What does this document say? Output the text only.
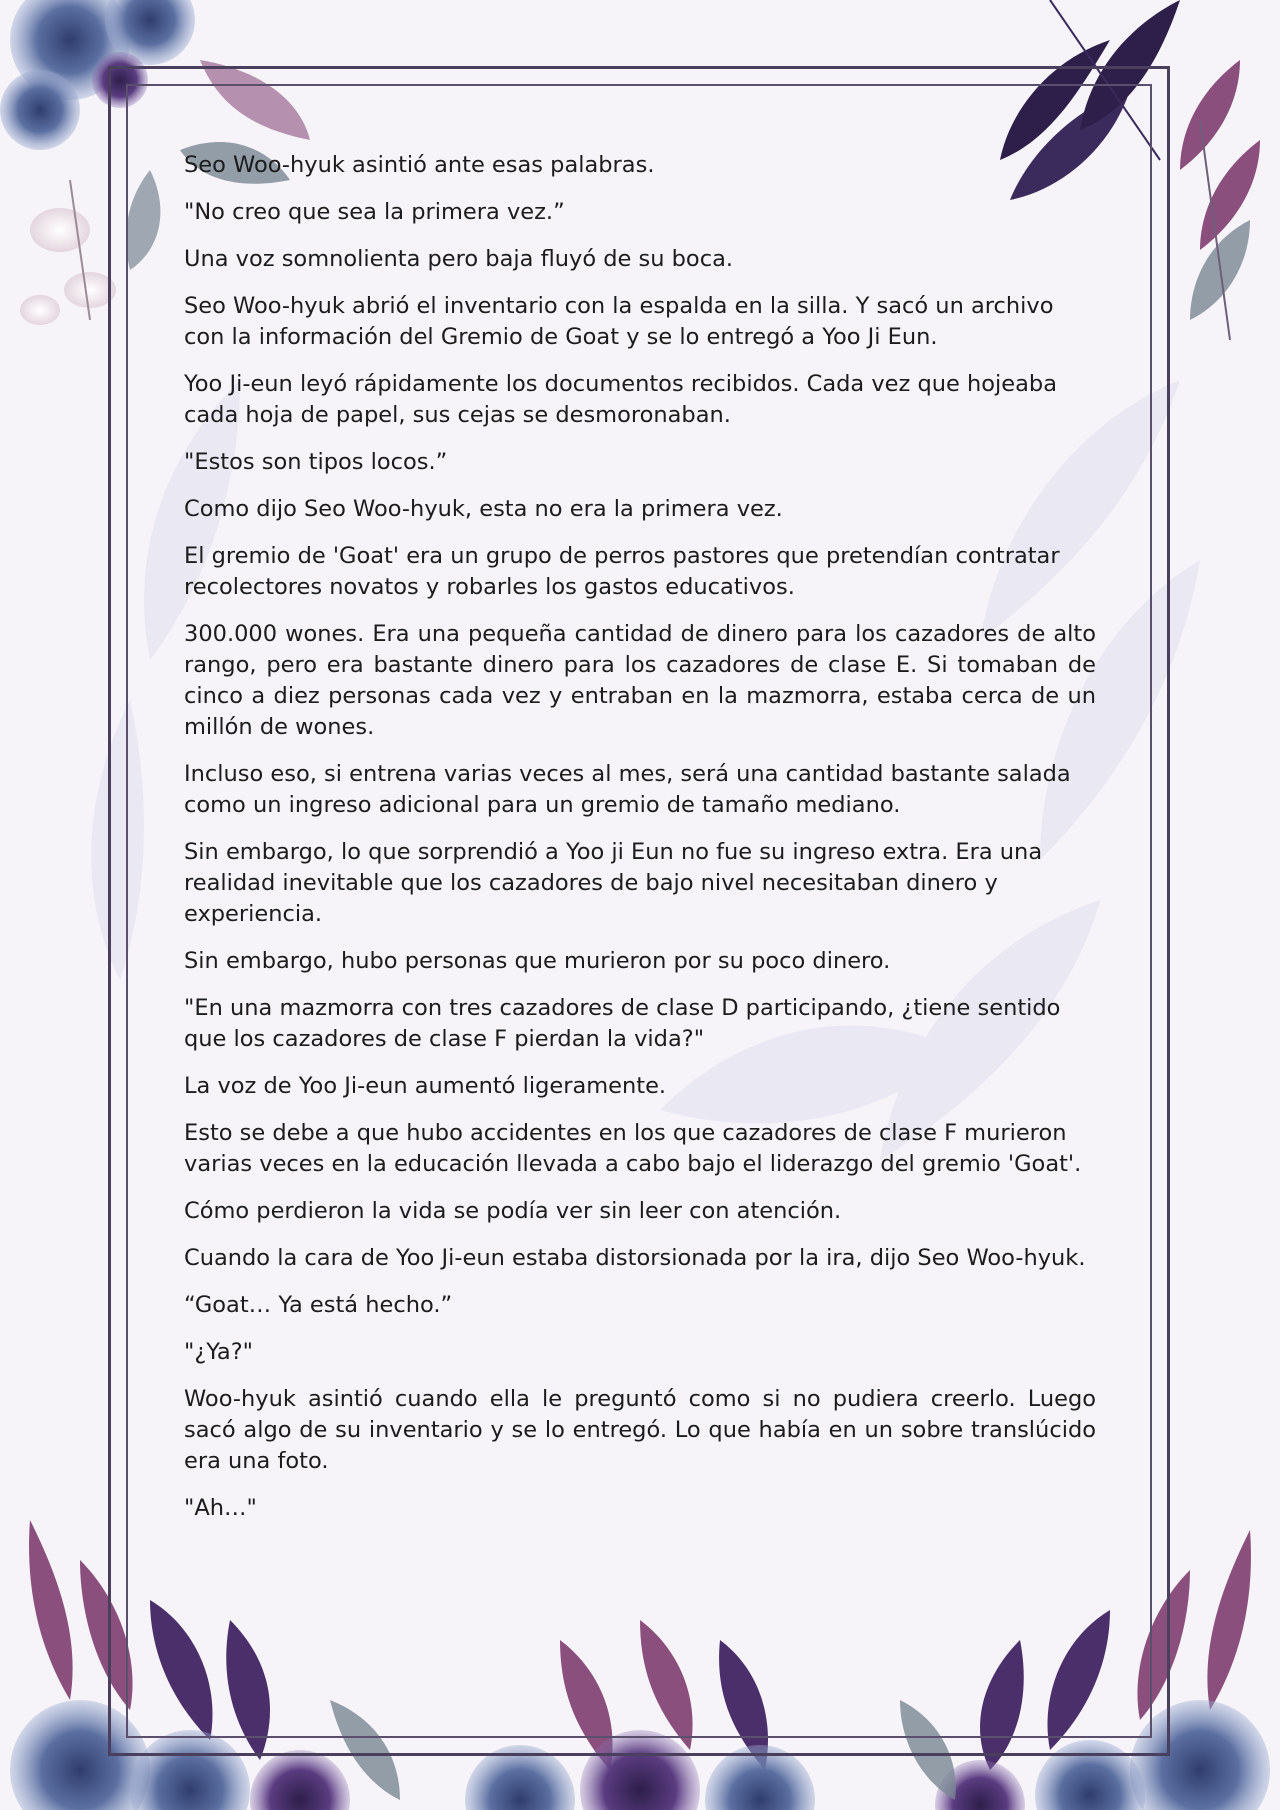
Seo Woo-hyuk asintió ante esas palabras.

"No creo que sea la primera vez.”

Una voz somnolienta pero baja fluyó de su boca.

Seo Woo-hyuk abrió el inventario con la espalda en la silla. Y sacó un archivo con la información del Gremio de Goat y se lo entregó a Yoo Ji Eun.

Yoo Ji-eun leyó rápidamente los documentos recibidos. Cada vez que hojeaba cada hoja de papel, sus cejas se desmoronaban.

"Estos son tipos locos.”

Como dijo Seo Woo-hyuk, esta no era la primera vez.

El gremio de 'Goat' era un grupo de perros pastores que pretendían contratar recolectores novatos y robarles los gastos educativos.

300.000 wones. Era una pequeña cantidad de dinero para los cazadores de alto rango, pero era bastante dinero para los cazadores de clase E. Si tomaban de cinco a diez personas cada vez y entraban en la mazmorra, estaba cerca de un millón de wones.

Incluso eso, si entrena varias veces al mes, será una cantidad bastante salada como un ingreso adicional para un gremio de tamaño mediano.

Sin embargo, lo que sorprendió a Yoo ji Eun no fue su ingreso extra. Era una realidad inevitable que los cazadores de bajo nivel necesitaban dinero y experiencia.

Sin embargo, hubo personas que murieron por su poco dinero.

"En una mazmorra con tres cazadores de clase D participando, ¿tiene sentido que los cazadores de clase F pierdan la vida?"

La voz de Yoo Ji-eun aumentó ligeramente.

Esto se debe a que hubo accidentes en los que cazadores de clase F murieron varias veces en la educación llevada a cabo bajo el liderazgo del gremio 'Goat'.

Cómo perdieron la vida se podía ver sin leer con atención.

Cuando la cara de Yoo Ji-eun estaba distorsionada por la ira, dijo Seo Woo-hyuk.

“Goat… Ya está hecho.”

"¿Ya?"

Woo-hyuk asintió cuando ella le preguntó como si no pudiera creerlo. Luego sacó algo de su inventario y se lo entregó. Lo que había en un sobre translúcido era una foto.

"Ah…"
